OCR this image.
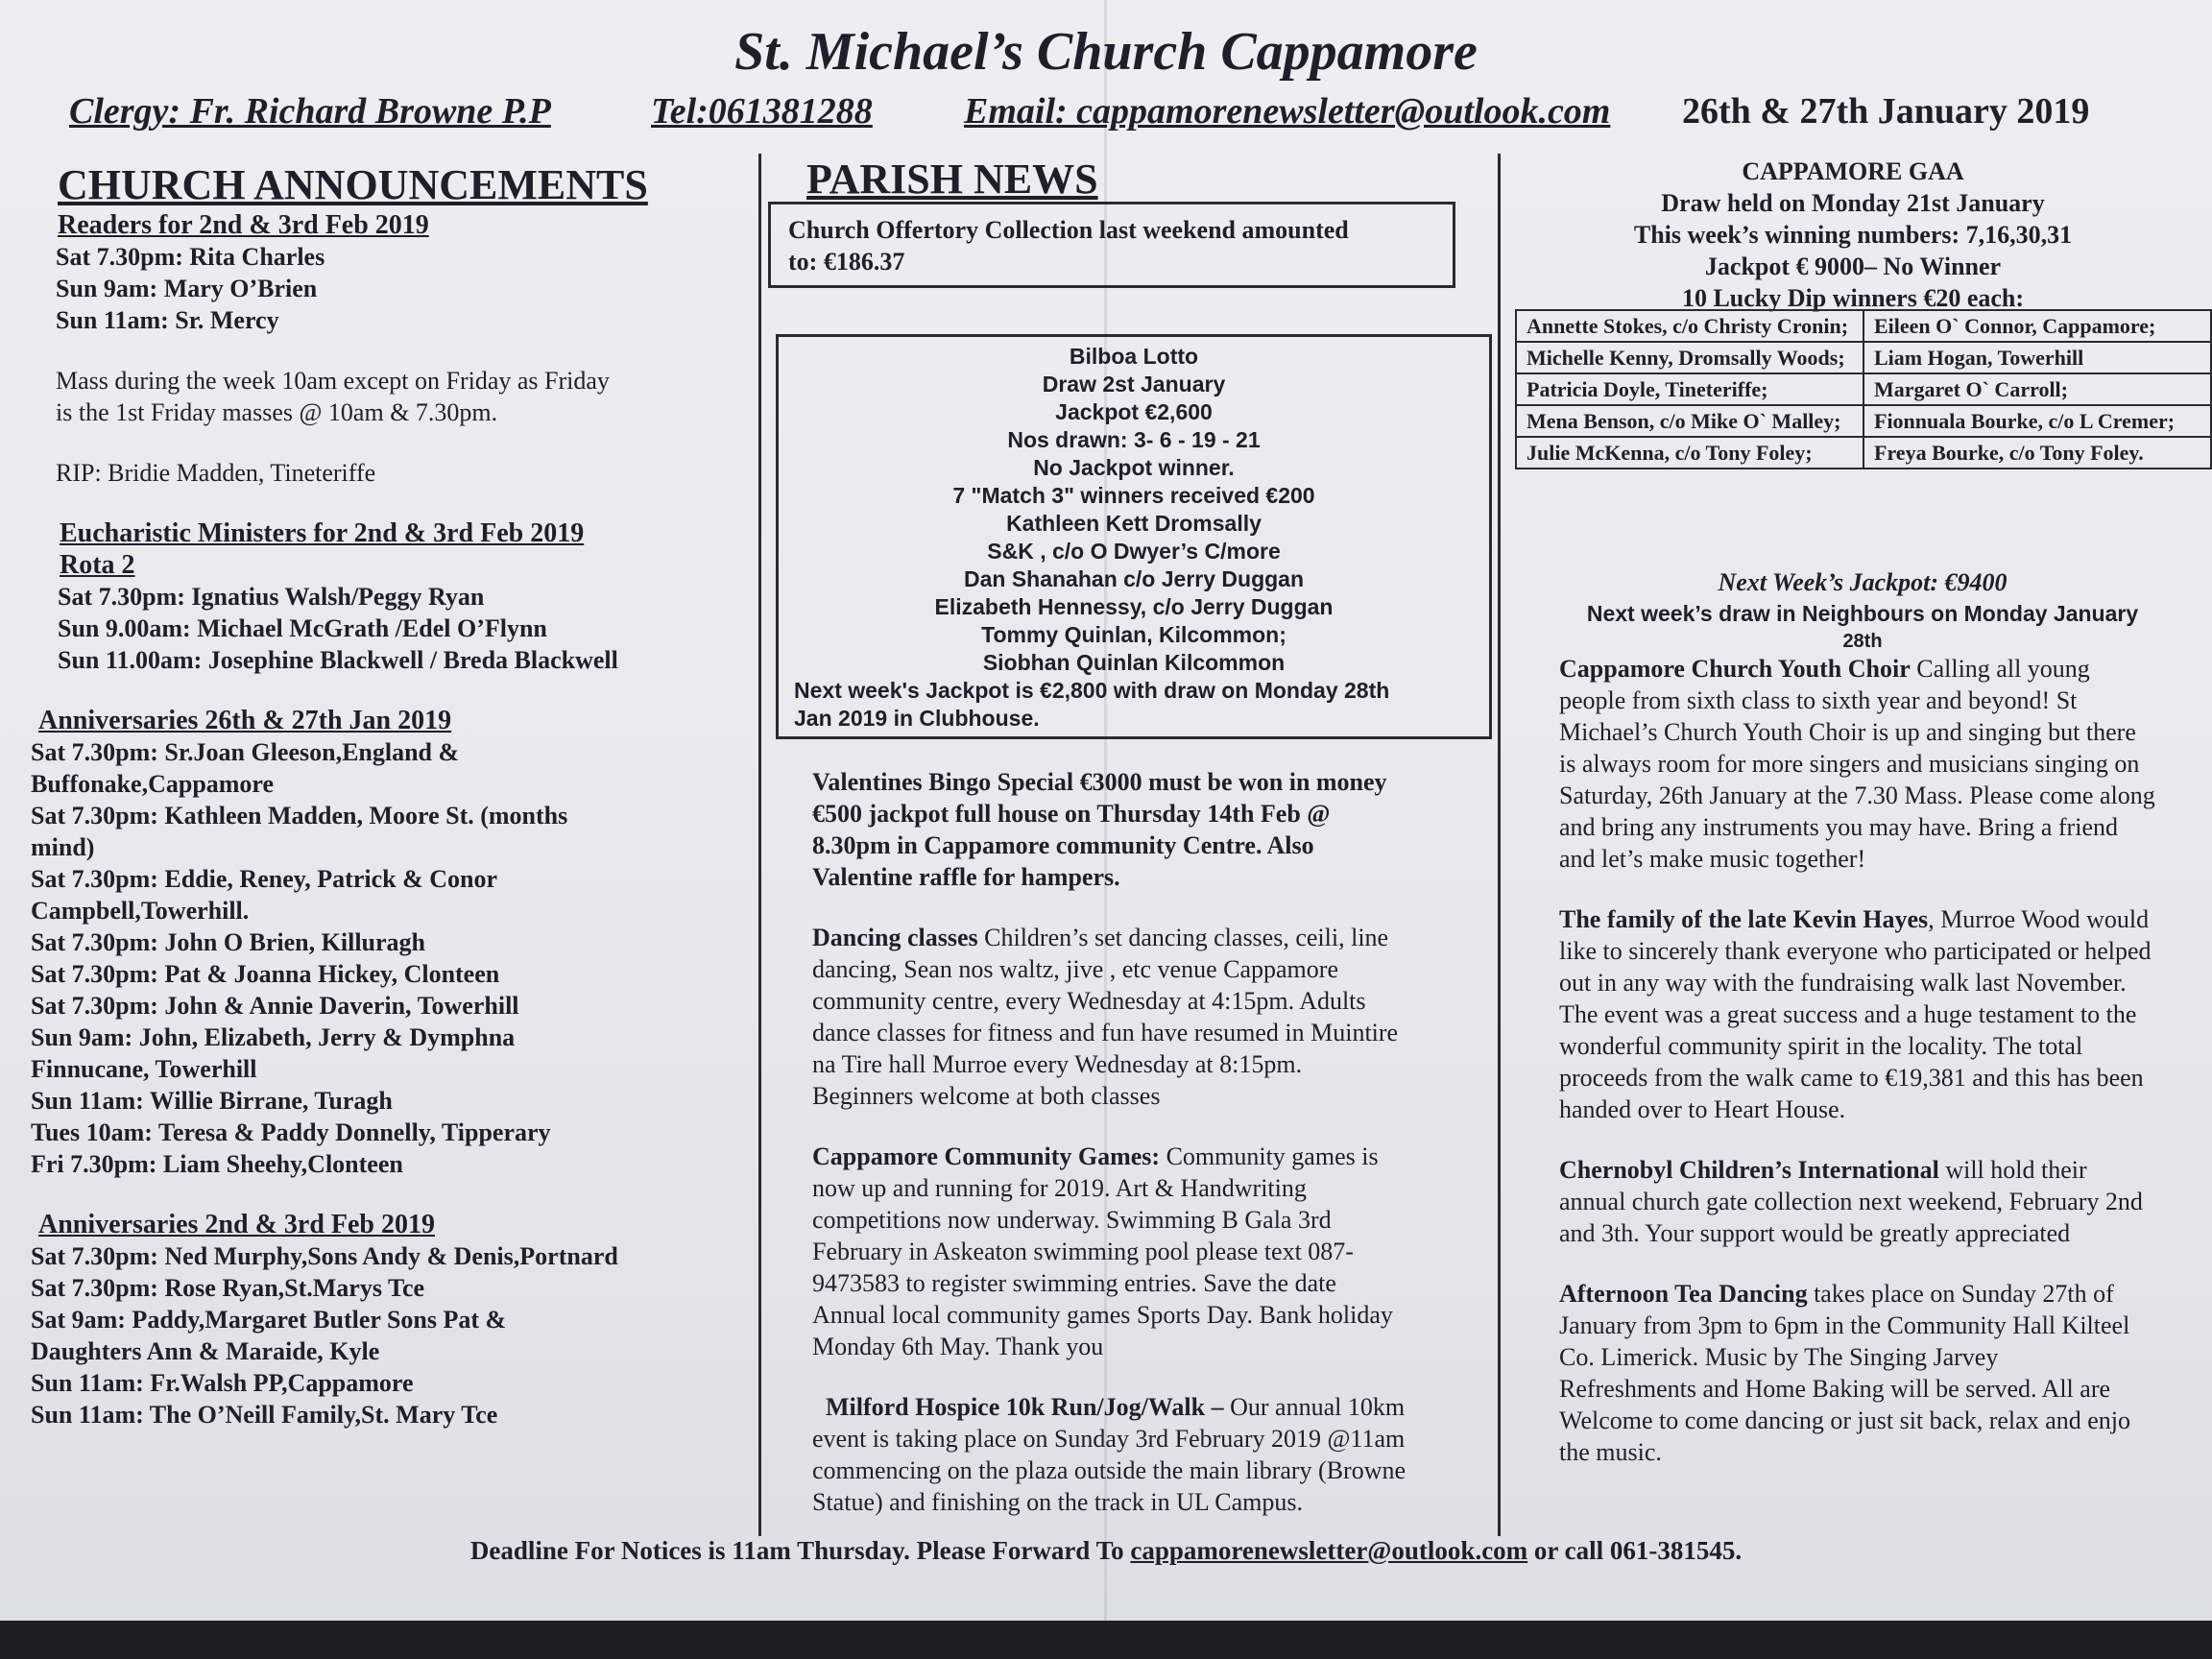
St. Michael’s Church Cappamore
Clergy: Fr. Richard Browne P.P	Tel:061381288	Email: cappamorenewsletter@outlook.com 26th & 27th January 2019

CHURCH ANNOUNCEMENTS

Readers for 2nd & 3rd Feb 2019

Sat 7.30pm: Rita Charles

Sun 9am: Mary O’Brien

Sun 11am: Sr. Mercy

Mass during the week 10am except on Friday as Friday

is the 1st Friday masses @ 10am & 7.30pm.

RIP: Bridie Madden, Tineteriffe

Eucharistic Ministers for 2nd & 3rd Feb 2019

Rota 2

Sat 7.30pm: Ignatius Walsh/Peggy Ryan

Sun 9.00am: Michael McGrath /Edel O’Flynn

Sun 11.00am: Josephine Blackwell / Breda Blackwell

Anniversaries 26th & 27th Jan 2019

Sat 7.30pm: Sr.Joan Gleeson,England &

Buffonake,Cappamore

Sat 7.30pm: Kathleen Madden, Moore St. (months

mind)

Sat 7.30pm: Eddie, Reney, Patrick & Conor

Campbell,Towerhill.

Sat 7.30pm: John O Brien, Killuragh

Sat 7.30pm: Pat & Joanna Hickey, Clonteen

Sat 7.30pm: John & Annie Daverin, Towerhill

Sun 9am: John, Elizabeth, Jerry & Dymphna

Finnucane, Towerhill

Sun 11am: Willie Birrane, Turagh

Tues 10am: Teresa & Paddy Donnelly, Tipperary

Fri 7.30pm: Liam Sheehy,Clonteen

Anniversaries 2nd & 3rd Feb 2019

Sat 7.30pm: Ned Murphy,Sons Andy & Denis,Portnard

Sat 7.30pm: Rose Ryan,St.Marys Tce

Sat 9am: Paddy,Margaret Butler Sons Pat &

Daughters Ann & Maraide, Kyle

Sun 11am: Fr.Walsh PP,Cappamore

Sun 11am: The O’Neill Family,St. Mary Tce

PARISH NEWS

Church Offertory Collection last weekend amounted

to: €186.37

Bilboa Lotto

Draw 2st January

Jackpot €2,600

Nos drawn: 3- 6 - 19 - 21

No Jackpot winner.

7 "Match 3" winners received €200

Kathleen Kett Dromsally

S&K , c/o O Dwyer’s C/more

Dan Shanahan c/o Jerry Duggan

Elizabeth Hennessy, c/o Jerry Duggan

Tommy Quinlan, Kilcommon;

Siobhan Quinlan Kilcommon

Next week's Jackpot is €2,800 with draw on Monday 28th

Jan 2019 in Clubhouse.

Valentines Bingo Special €3000 must be won in money

€500 jackpot full house on Thursday 14th Feb @

8.30pm in Cappamore community Centre. Also

Valentine raffle for hampers.

Dancing classes Children’s set dancing classes, ceili, line

dancing, Sean nos waltz, jive , etc venue Cappamore

community centre, every Wednesday at 4:15pm. Adults

dance classes for fitness and fun have resumed in Muintire

na Tire hall Murroe every Wednesday at 8:15pm.

Beginners welcome at both classes

Cappamore Community Games: Community games is

now up and running for 2019. Art & Handwriting

competitions now underway. Swimming B Gala 3rd

February in Askeaton swimming pool please text 087-

9473583 to register swimming entries. Save the date

Annual local community games Sports Day. Bank holiday

Monday 6th May. Thank you

Milford Hospice 10k Run/Jog/Walk – Our annual 10km

event is taking place on Sunday 3rd February 2019 @11am

commencing on the plaza outside the main library (Browne

Statue) and finishing on the track in UL Campus.

CAPPAMORE GAA

Draw held on Monday 21st January

This week’s winning numbers: 7,16,30,31

Jackpot € 9000– No Winner

10 Lucky Dip winners €20 each:

Annette Stokes, c/o Christy Cronin;	Eileen O` Connor, Cappamore;
Michelle Kenny, Dromsally Woods;	Liam Hogan, Towerhill
Patricia Doyle, Tineteriffe;	Margaret O` Carroll;
Mena Benson, c/o Mike O` Malley;	Fionnuala Bourke, c/o L Cremer;
Julie McKenna, c/o Tony Foley;	Freya Bourke, c/o Tony Foley.

Next Week’s Jackpot: €9400

Next week’s draw in Neighbours on Monday January

28th

Cappamore Church Youth Choir Calling all young

people from sixth class to sixth year and beyond! St

Michael’s Church Youth Choir is up and singing but there

is always room for more singers and musicians singing on

Saturday, 26th January at the 7.30 Mass. Please come along

and bring any instruments you may have. Bring a friend

and let’s make music together!

The family of the late Kevin Hayes, Murroe Wood would

like to sincerely thank everyone who participated or helped

out in any way with the fundraising walk last November.

The event was a great success and a huge testament to the

wonderful community spirit in the locality. The total

proceeds from the walk came to €19,381 and this has been

handed over to Heart House.

Chernobyl Children’s International will hold their

annual church gate collection next weekend, February 2nd

and 3th. Your support would be greatly appreciated

Afternoon Tea Dancing takes place on Sunday 27th of

January from 3pm to 6pm in the Community Hall Kilteel

Co. Limerick. Music by The Singing Jarvey

Refreshments and Home Baking will be served. All are

Welcome to come dancing or just sit back, relax and enjo

the music.

Deadline For Notices is 11am Thursday. Please Forward To cappamorenewsletter@outlook.com or call 061-381545.
